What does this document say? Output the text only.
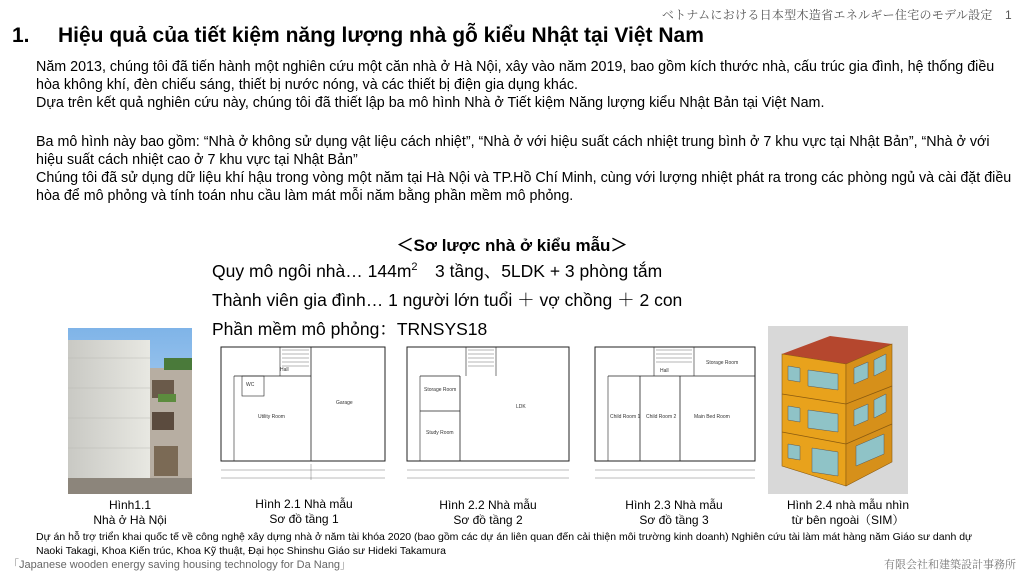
ベトナムにおける日本型木造省エネルギー住宅のモデル設定　1
1. Hiệu quả của tiết kiệm năng lượng nhà gỗ kiểu Nhật tại Việt Nam
Năm 2013, chúng tôi đã tiến hành một nghiên cứu một căn nhà ở Hà Nội, xây vào năm 2019, bao gồm kích thước nhà, cấu trúc gia đình, hệ thống điều hòa không khí, đèn chiếu sáng, thiết bị nước nóng, và các thiết bị điện gia dụng khác.
Dựa trên kết quả nghiên cứu này, chúng tôi đã thiết lập ba mô hình Nhà ở Tiết kiệm Năng lượng kiểu Nhật Bản tại Việt Nam.
Ba mô hình này bao gồm: “Nhà ở không sử dụng vật liệu cách nhiệt”, “Nhà ở với hiệu suất cách nhiệt trung bình ở 7 khu vực tại Nhật Bản”, “Nhà ở với hiệu suất cách nhiệt cao ở 7 khu vực tại Nhật Bản”
Chúng tôi đã sử dụng dữ liệu khí hậu trong vòng một năm tại Hà Nội và TP.Hồ Chí Minh, cùng với lượng nhiệt phát ra trong các phòng ngủ và cài đặt điều hòa để mô phỏng và tính toán nhu cầu làm mát mỗi năm bằng phần mềm mô phỏng.
＜Sơ lược nhà ở kiểu mẫu＞
Quy mô ngôi nhà… $144m^2$　3 tầng、5LDK + 3 phòng tắm
Thành viên gia đình… 1 người lớn tuổi ＋ vợ chồng ＋ 2 con
Phần mềm mô phỏng：TRNSYS18
Hình1.1
Nhà ở Hà Nội
Hall
WC
Utility Room
Garage
Hình 2.1 Nhà mẫu
Sơ đồ tầng 1
Storage Room
Study Room
LDK
Hình 2.2 Nhà mẫu
Sơ đồ tầng 2
Hall
Storage Room
Child Room 1 Child Room 2	Main Bed Room
Hình 2.3 Nhà mẫu
Sơ đồ tầng 3
Hình 2.4 nhà mẫu nhìn
từ bên ngoài（SIM）
Dự án hỗ trợ triển khai quốc tế về công nghệ xây dựng nhà ở năm tài khóa 2020 (bao gồm các dự án liên quan đến cải thiện môi trường kinh doanh) Nghiên cứu tài làm mát hàng năm Giáo sư danh dự Naoki Takagi, Khoa Kiến trúc, Khoa Kỹ thuật, Đại học Shinshu Giáo sư Hideki Takamura
「Japanese wooden energy saving housing technology for Da Nang」	有限会社和建築設計事務所
